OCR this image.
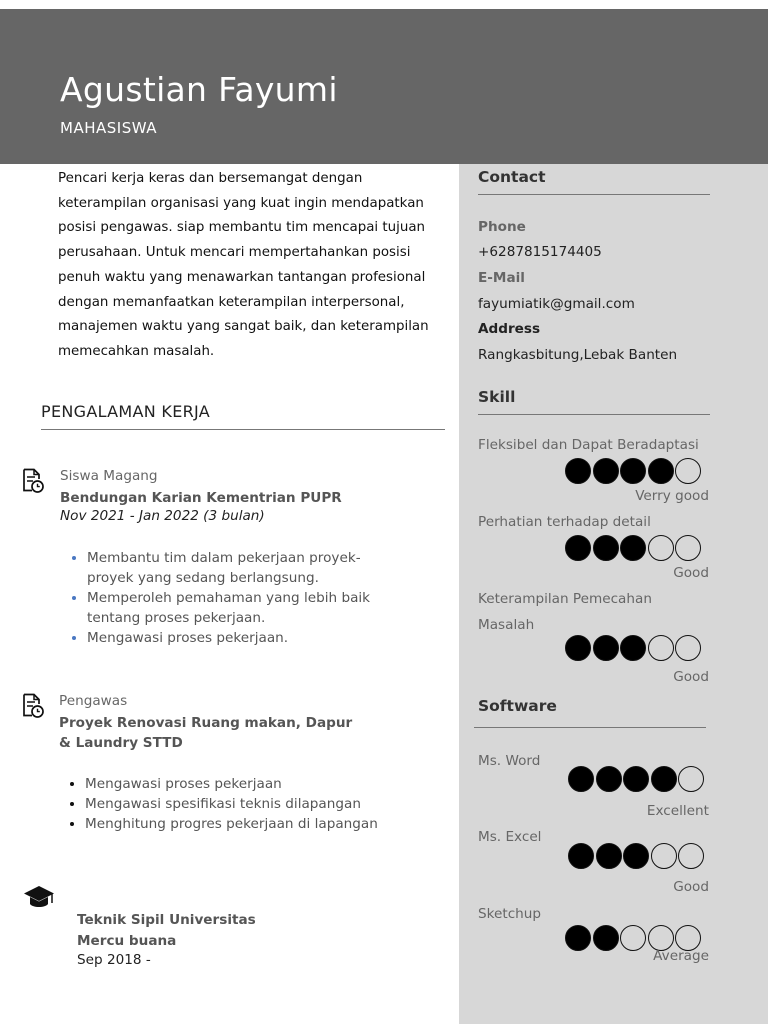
Agustian Fayumi
MAHASISWA
Pencari kerja keras dan bersemangat dengan keterampilan organisasi yang kuat ingin mendapatkan posisi pengawas. siap membantu tim mencapai tujuan perusahaan. Untuk mencari mempertahankan posisi penuh waktu yang menawarkan tantangan profesional dengan memanfaatkan keterampilan interpersonal, manajemen waktu yang sangat baik, dan keterampilan memecahkan masalah.
PENGALAMAN KERJA
Siswa Magang
Bendungan Karian Kementrian PUPR
Nov 2021 - Jan 2022 (3 bulan)
• Membantu tim dalam pekerjaan proyek-proyek yang sedang berlangsung.
• Memperoleh pemahaman yang lebih baik tentang proses pekerjaan.
• Mengawasi proses pekerjaan.
Pengawas
Proyek Renovasi Ruang makan, Dapur & Laundry STTD
• Mengawasi proses pekerjaan
• Mengawasi spesifikasi teknis dilapangan
• Menghitung progres pekerjaan di lapangan
Teknik Sipil Universitas Mercu buana
Sep 2018 -
Contact
Phone
+6287815174405
E-Mail
fayumiatik@gmail.com
Address
Rangkasbitung,Lebak Banten
Skill
Fleksibel dan Dapat Beradaptasi
Verry good
Perhatian terhadap detail
Good
Keterampilan Pemecahan Masalah
Good
Software
Ms. Word
Excellent
Ms. Excel
Good
Sketchup
Average
